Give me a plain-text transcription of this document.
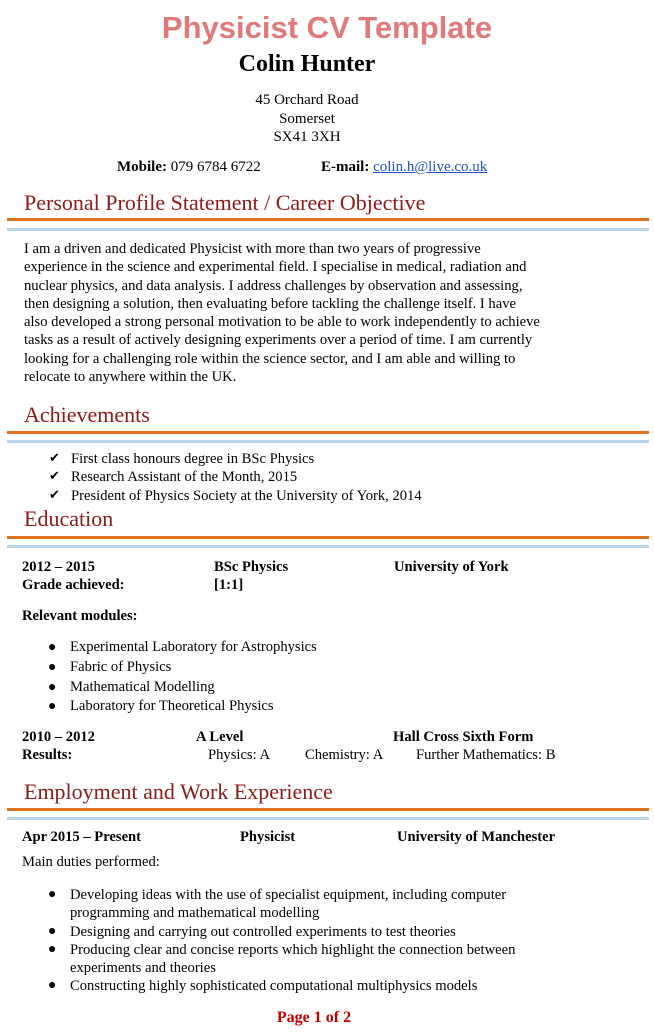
Physicist CV Template
Colin Hunter
45 Orchard Road
Somerset
SX41 3XH
Mobile: 079 6784 6722	E-mail: colin.h@live.co.uk
Personal Profile Statement / Career Objective
I am a driven and dedicated Physicist with more than two years of progressive
experience in the science and experimental field. I specialise in medical, radiation and
nuclear physics, and data analysis. I address challenges by observation and assessing,
then designing a solution, then evaluating before tackling the challenge itself. I have
also developed a strong personal motivation to be able to work independently to achieve
tasks as a result of actively designing experiments over a period of time. I am currently
looking for a challenging role within the science sector, and I am able and willing to
relocate to anywhere within the UK.
Achievements
✔ First class honours degree in BSc Physics
✔ Research Assistant of the Month, 2015
✔ President of Physics Society at the University of York, 2014
Education
2012 – 2015	BSc Physics	University of York
Grade achieved:	[1:1]
Relevant modules:
● Experimental Laboratory for Astrophysics
● Fabric of Physics
● Mathematical Modelling
● Laboratory for Theoretical Physics
2010 – 2012	A Level	Hall Cross Sixth Form
Results:	Physics: A Chemistry: A Further Mathematics: B
Employment and Work Experience
Apr 2015 – Present	Physicist	University of Manchester
Main duties performed:
● Developing ideas with the use of specialist equipment, including computer
programming and mathematical modelling
● Designing and carrying out controlled experiments to test theories
● Producing clear and concise reports which highlight the connection between
experiments and theories
● Constructing highly sophisticated computational multiphysics models
Page 1 of 2
